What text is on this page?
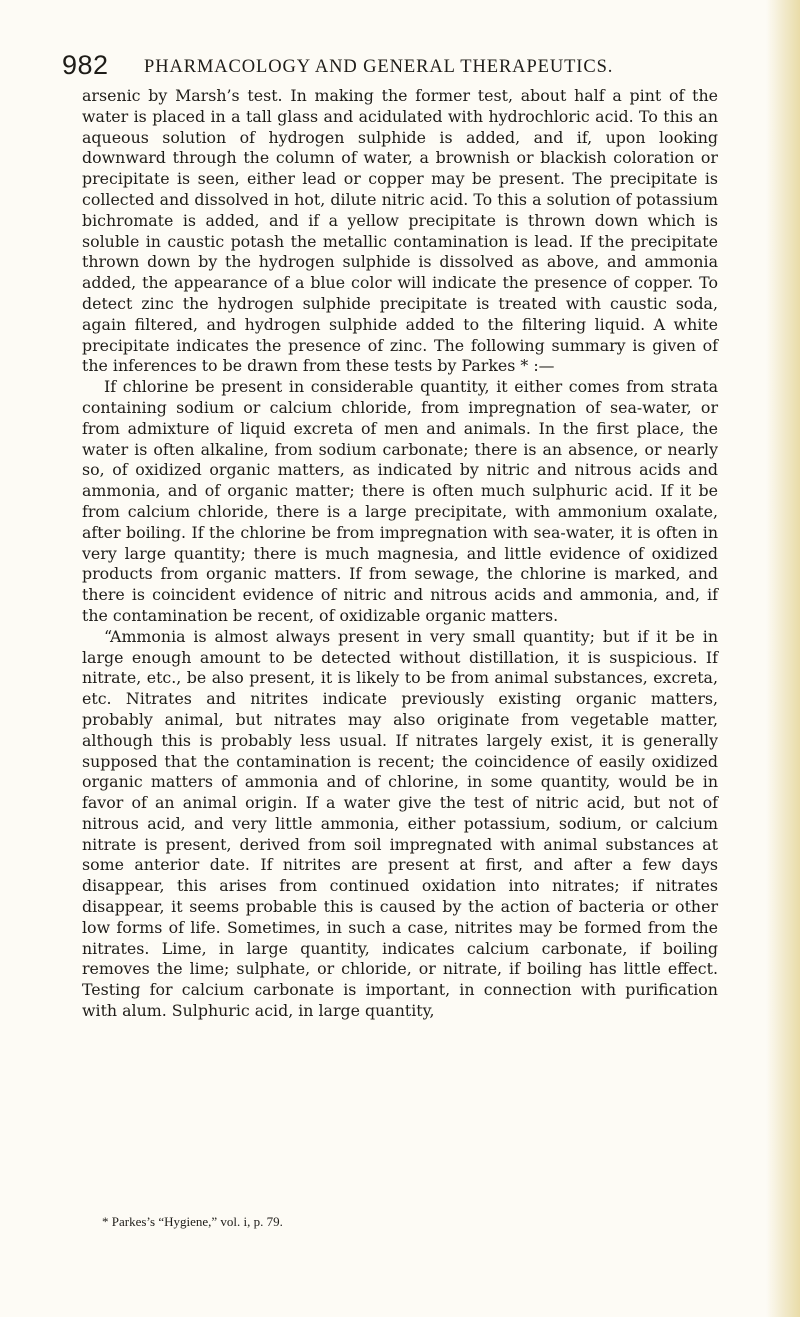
982 PHARMACOLOGY AND GENERAL THERAPEUTICS.

arsenic by Marsh’s test. In making the former test, about half a pint of the water is placed in a tall glass and acidulated with hydrochloric acid. To this an aqueous solution of hydrogen sulphide is added, and if, upon looking downward through the column of water, a brownish or blackish coloration or precipitate is seen, either lead or copper may be present. The precipitate is collected and dissolved in hot, dilute nitric acid. To this a solution of potassium bichromate is added, and if a yellow precipitate is thrown down which is soluble in caustic potash the metallic contamination is lead. If the precipitate thrown down by the hydrogen sulphide is dissolved as above, and ammonia added, the appearance of a blue color will indicate the presence of copper. To detect zinc the hydrogen sulphide precipitate is treated with caustic soda, again filtered, and hydrogen sulphide added to the filtering liquid. A white precipitate indicates the presence of zinc. The following summary is given of the inferences to be drawn from these tests by Parkes * :—

If chlorine be present in considerable quantity, it either comes from strata containing sodium or calcium chloride, from impregnation of sea-water, or from admixture of liquid excreta of men and animals. In the first place, the water is often alkaline, from sodium carbonate; there is an absence, or nearly so, of oxidized organic matters, as indicated by nitric and nitrous acids and ammonia, and of organic matter; there is often much sulphuric acid. If it be from calcium chloride, there is a large precipitate, with ammonium oxalate, after boiling. If the chlorine be from impregnation with sea-water, it is often in very large quantity; there is much magnesia, and little evidence of oxidized products from organic matters. If from sewage, the chlorine is marked, and there is coincident evidence of nitric and nitrous acids and ammonia, and, if the contamination be recent, of oxidizable organic matters.

“Ammonia is almost always present in very small quantity; but if it be in large enough amount to be detected without distillation, it is suspicious. If nitrate, etc., be also present, it is likely to be from animal substances, excreta, etc. Nitrates and nitrites indicate previously existing organic matters, probably animal, but nitrates may also originate from vegetable matter, although this is probably less usual. If nitrates largely exist, it is generally supposed that the contamination is recent; the coincidence of easily oxidized organic matters of ammonia and of chlorine, in some quantity, would be in favor of an animal origin. If a water give the test of nitric acid, but not of nitrous acid, and very little ammonia, either potassium, sodium, or calcium nitrate is present, derived from soil impregnated with animal substances at some anterior date. If nitrites are present at first, and after a few days disappear, this arises from continued oxidation into nitrates; if nitrates disappear, it seems probable this is caused by the action of bacteria or other low forms of life. Sometimes, in such a case, nitrites may be formed from the nitrates. Lime, in large quantity, indicates calcium carbonate, if boiling removes the lime; sulphate, or chloride, or nitrate, if boiling has little effect. Testing for calcium carbonate is important, in connection with purification with alum. Sulphuric acid, in large quantity,

* Parkes’s “Hygiene,” vol. i, p. 79.
